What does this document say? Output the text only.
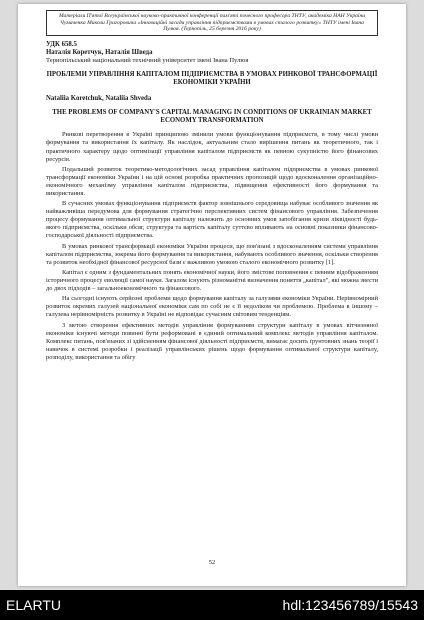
Матеріали П'ятої Всеукраїнської науково-практичної конференції пам'яті почесного професора ТНТУ, академіка НАН України Чумаченка Миколи Григоровича «Інноваційні засади управління підприємствами в умовах сталого розвитку» ТНТУ імені Івана Пулюя. (Тернопіль, 25 березня 2016 року)
УДК 658.5
Наталія Коретчук, Наталія Шведа
Тернопільський національний технічний університет імені Івана Пулюя
ПРОБЛЕМИ УПРАВЛІННЯ КАПІТАЛОМ ПІДПРИЄМСТВА В УМОВАХ РИНКОВОЇ ТРАНСФОРМАЦІЇ ЕКОНОМІКИ УКРАЇНИ
Nataliia Koretchuk, Nataliia Shveda
THE PROBLEMS OF COMPANY'S CAPITAL MANAGING IN CONDITIONS OF UKRAINIAN MARKET ECONOMY TRANSFORMATION

Ринкові перетворення в Україні принципово змінили умови функціонування підприємств, в тому числі умови формування та використання їх капіталу. Як наслідок, актуальним стало вирішення питань як теоретичного, так і практичного характеру щодо оптимізації управління капіталом підприємств як певною сукупністю його фінансових ресурсів.

Подальший розвиток теоретико-методологічних засад управління капіталом підприємства в умовах ринкової трансформації економіки України і на цій основі розробка практичних пропозицій щодо вдосконалення організаційно-економічного механізму управління капіталом підприємства, підвищення ефективності його формування та використання.

В сучасних умовах функціонування підприємств фактор зовнішнього середовища набуває особливого значення як найважливіша передумова для формування стратегічно перспективних систем фінансового управління. Забезпечення процесу формування оптимальної структури капіталу належить до основних умов запобігання кризи ліквідності будь-якого підприємства, оскільки обсяг, структура та вартість капіталу суттєво впливають на основні показники фінансово-господарської діяльності підприємства.

В умовах ринкової трансформації економіки України процеси, що пов'язані з вдосконаленням системи управління капіталом підприємства, зокрема його формування та використання, набувають особливого значення, оскільки створення та розвиток необхідної фінансової ресурсної бази є важливою умовою сталого економічного розвитку [1].

Капітал є одним з фундаментальних понять економічної науки, його змістове поповнення є певним відображенням історичного процесу еволюції самої науки. Загалом існують різноманітні визначення поняття „капітал", які можна звести до двох підходів – загальноекономічного та фінансового.

На сьогодні існують серйозні проблеми щодо формування капіталу за галузями економіки України. Нерівномірний розвиток окремих галузей національної економіки сам по собі не є її недоліком чи проблемою. Проблема в іншому – галузева нерівномірність розвитку в Україні не відповідає сучасним світовим тенденціям.

З метою створення ефективних методів управління формуванням структури капіталу в умовах вітчизняної економіки існуючі методи повинні бути реформовані в єдиний оптимальний комплекс методів управління капіталом. Комплекс питань, пов'язаних зі здійсненням фінансової діяльності підприємств, вимагає досить ґрунтовних знань теорії і навичок в системі розробки і реалізації управлінських рішень щодо формування оптимальної структури капіталу, розподілу, використання та обігу

52
ELARTU	hdl:123456789/15543
